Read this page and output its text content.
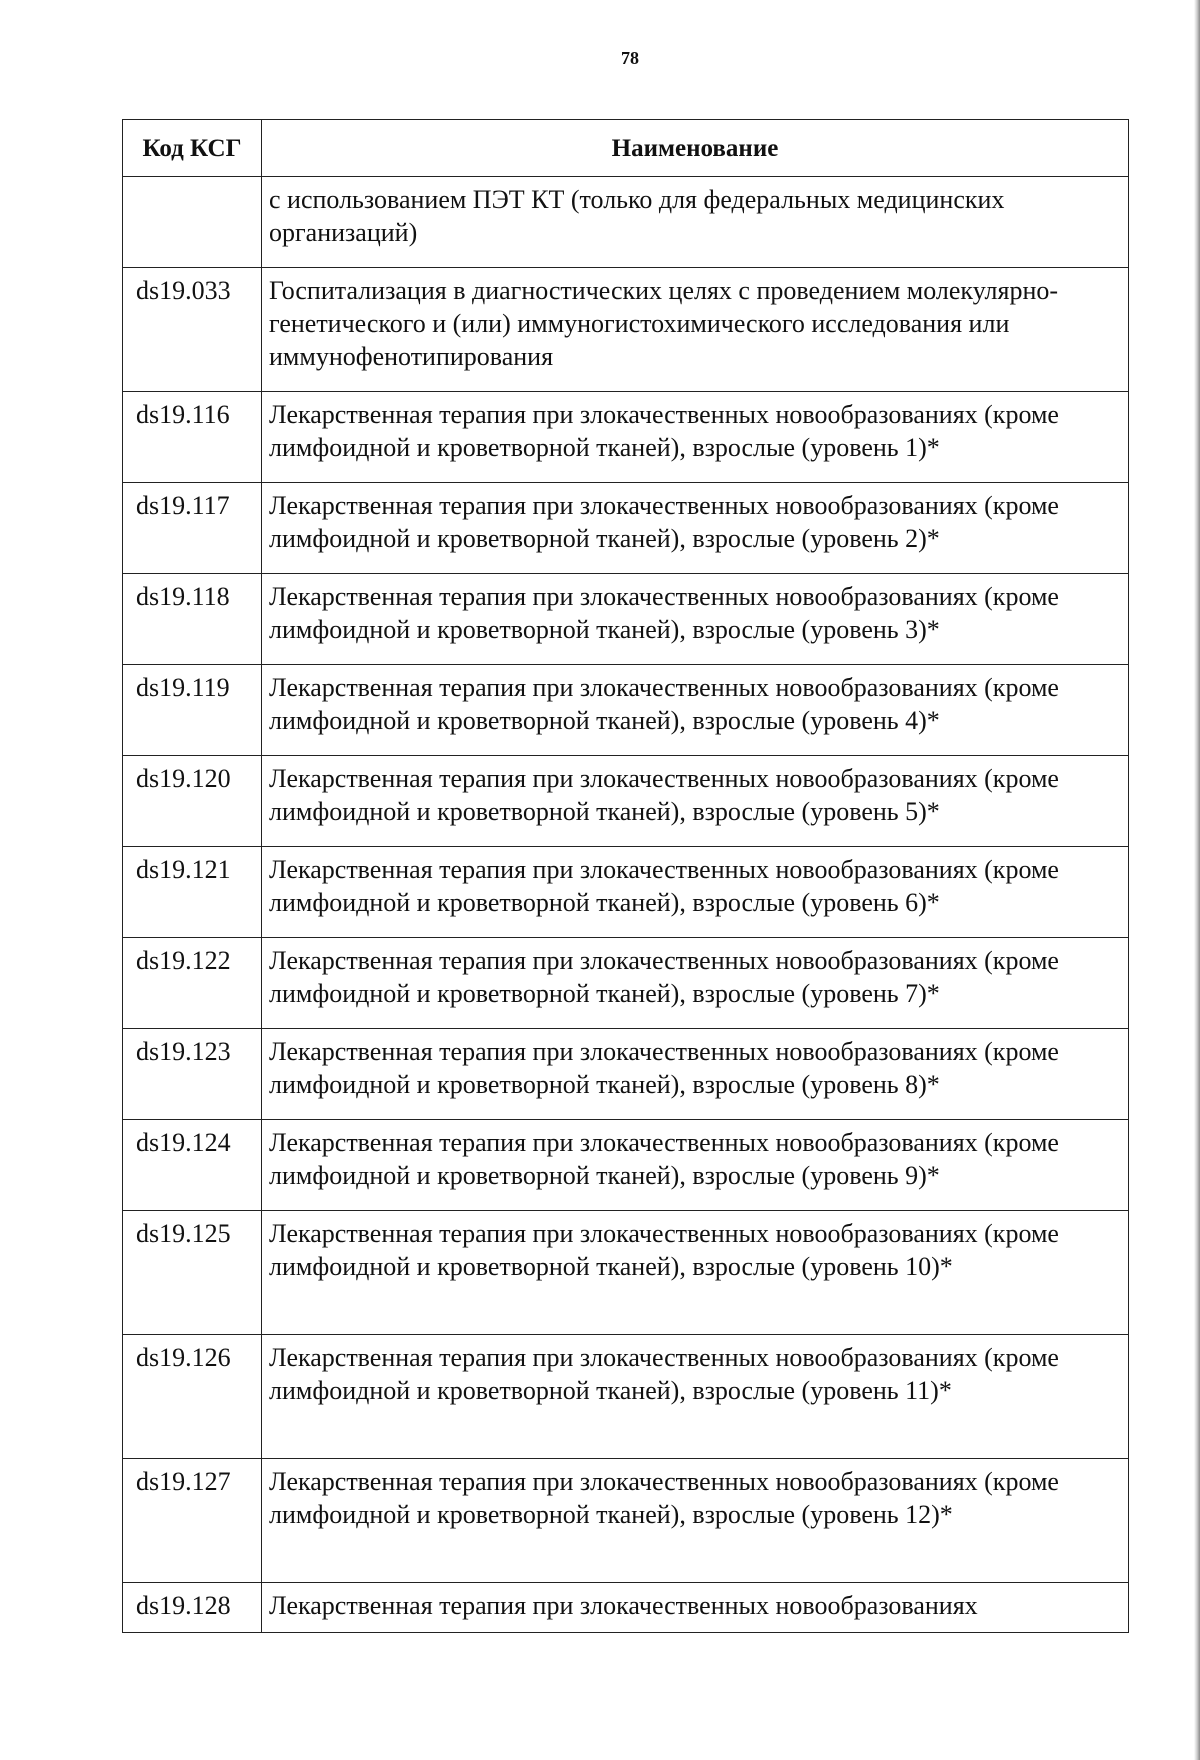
78
Код КСГ	Наименование
	с использованием ПЭТ КТ (только для федеральных медицинских организаций)
ds19.033	Госпитализация в диагностических целях с проведением молекулярно-генетического и (или) иммуногистохимического исследования или иммунофенотипирования
ds19.116	Лекарственная терапия при злокачественных новообразованиях (кроме лимфоидной и кроветворной тканей), взрослые (уровень 1)*
ds19.117	Лекарственная терапия при злокачественных новообразованиях (кроме лимфоидной и кроветворной тканей), взрослые (уровень 2)*
ds19.118	Лекарственная терапия при злокачественных новообразованиях (кроме лимфоидной и кроветворной тканей), взрослые (уровень 3)*
ds19.119	Лекарственная терапия при злокачественных новообразованиях (кроме лимфоидной и кроветворной тканей), взрослые (уровень 4)*
ds19.120	Лекарственная терапия при злокачественных новообразованиях (кроме лимфоидной и кроветворной тканей), взрослые (уровень 5)*
ds19.121	Лекарственная терапия при злокачественных новообразованиях (кроме лимфоидной и кроветворной тканей), взрослые (уровень 6)*
ds19.122	Лекарственная терапия при злокачественных новообразованиях (кроме лимфоидной и кроветворной тканей), взрослые (уровень 7)*
ds19.123	Лекарственная терапия при злокачественных новообразованиях (кроме лимфоидной и кроветворной тканей), взрослые (уровень 8)*
ds19.124	Лекарственная терапия при злокачественных новообразованиях (кроме лимфоидной и кроветворной тканей), взрослые (уровень 9)*
ds19.125	Лекарственная терапия при злокачественных новообразованиях (кроме лимфоидной и кроветворной тканей), взрослые (уровень 10)*
ds19.126	Лекарственная терапия при злокачественных новообразованиях (кроме лимфоидной и кроветворной тканей), взрослые (уровень 11)*
ds19.127	Лекарственная терапия при злокачественных новообразованиях (кроме лимфоидной и кроветворной тканей), взрослые (уровень 12)*
ds19.128	Лекарственная терапия при злокачественных новообразованиях
